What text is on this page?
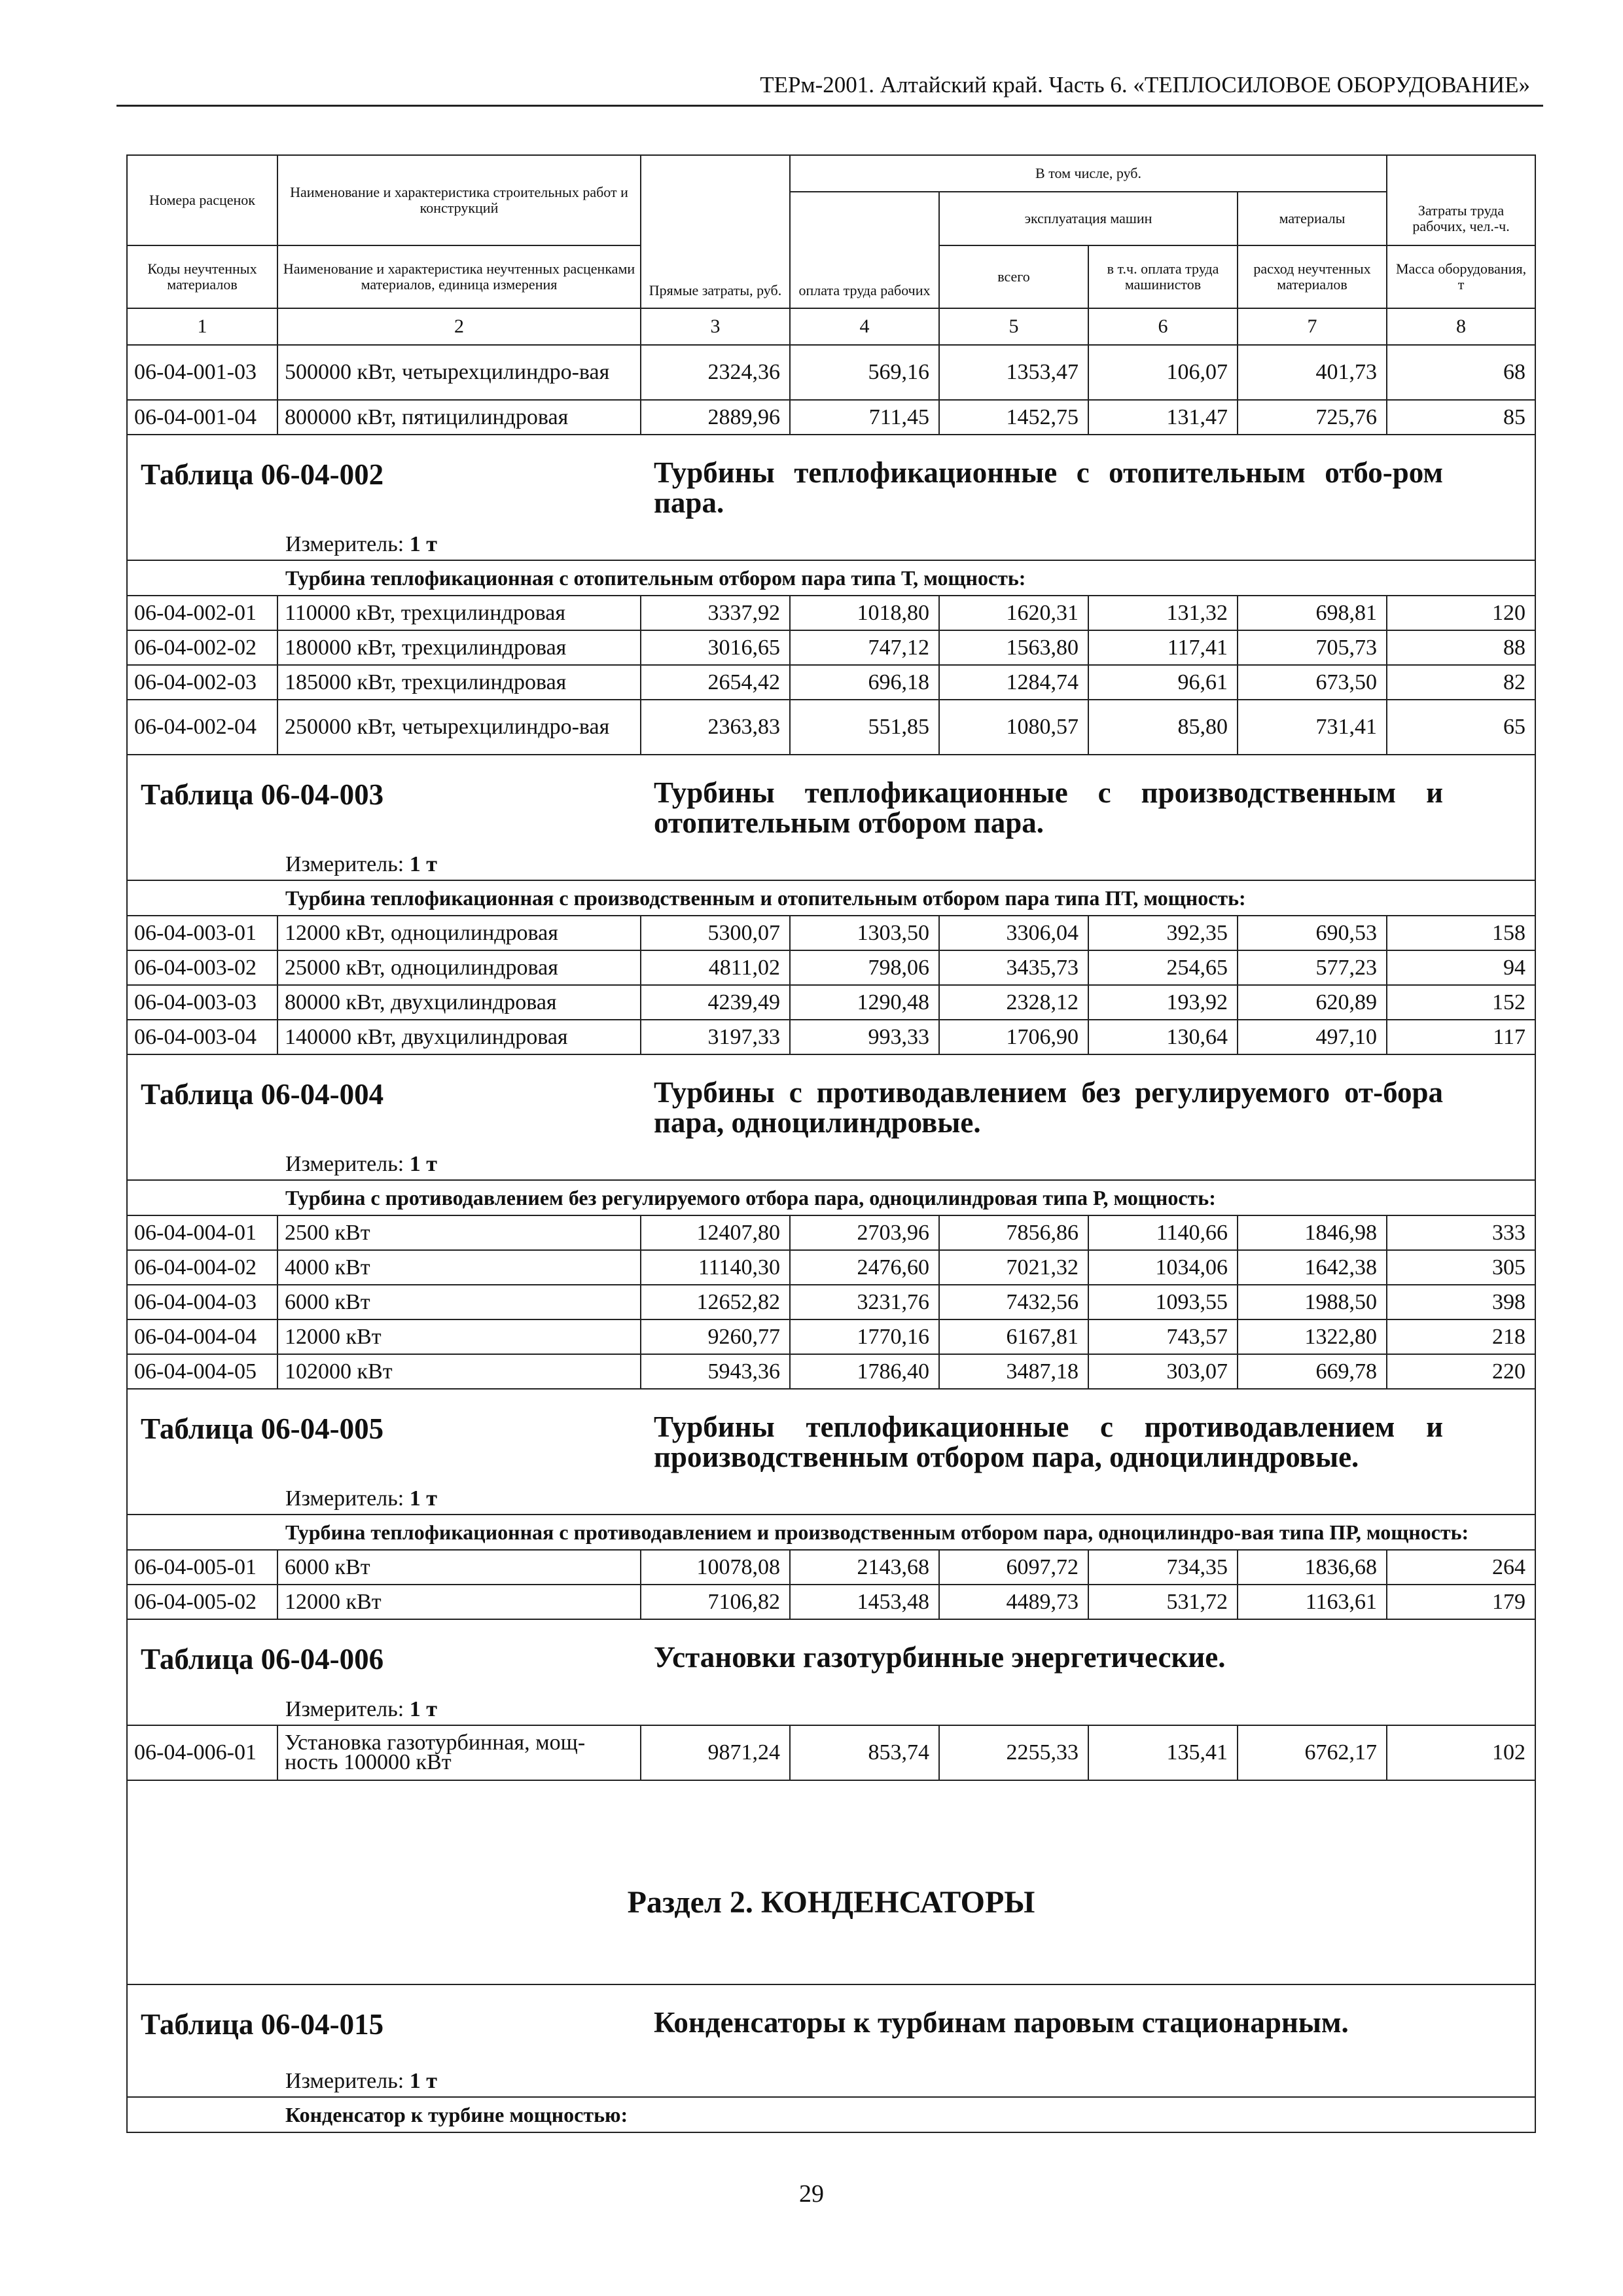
ТЕРм-2001. Алтайский край. Часть 6. «ТЕПЛОСИЛОВОЕ ОБОРУДОВАНИЕ»
Номера расценок	Наименование и характеристика строительных работ и конструкций	Прямые затраты, руб.	В том числе, руб.				
			оплата труда рабочих	эксплуатация машин		материалы	Затраты труда рабочих, чел.-ч.
Коды неучтенных материалов	Наименование и характеристика неучтенных расценками материалов, единица измерения			всего	в т.ч. оплата труда машинистов	расход неучтенных материалов	Масса оборудования, т
1	2	3	4	5	6	7	8
06-04-001-03	500000 кВт, четырехцилиндро-вая	2324,36	569,16	1353,47	106,07	401,73	68
06-04-001-04	800000 кВт, пятицилиндровая	2889,96	711,45	1452,75	131,47	725,76	85

Таблица 06-04-002		Турбины теплофикационные с отопительным отбо-ром пара.					

	Измеритель: 1 т						
	Турбина теплофикационная с отопительным отбором пара типа Т, мощность:						
06-04-002-01	110000 кВт, трехцилиндровая	3337,92	1018,80	1620,31	131,32	698,81	120
06-04-002-02	180000 кВт, трехцилиндровая	3016,65	747,12	1563,80	117,41	705,73	88
06-04-002-03	185000 кВт, трехцилиндровая	2654,42	696,18	1284,74	96,61	673,50	82
06-04-002-04	250000 кВт, четырехцилиндро-вая	2363,83	551,85	1080,57	85,80	731,41	65

Таблица 06-04-003		Турбины теплофикационные с производственным и отопительным отбором пара.					

	Измеритель: 1 т						
	Турбина теплофикационная с производственным и отопительным отбором пара типа ПТ, мощность:						
06-04-003-01	12000 кВт, одноцилиндровая	5300,07	1303,50	3306,04	392,35	690,53	158
06-04-003-02	25000 кВт, одноцилиндровая	4811,02	798,06	3435,73	254,65	577,23	94
06-04-003-03	80000 кВт, двухцилиндровая	4239,49	1290,48	2328,12	193,92	620,89	152
06-04-003-04	140000 кВт, двухцилиндровая	3197,33	993,33	1706,90	130,64	497,10	117

Таблица 06-04-004		Турбины с противодавлением без регулируемого от-бора пара, одноцилиндровые.					

	Измеритель: 1 т						
	Турбина с противодавлением без регулируемого отбора пара, одноцилиндровая типа Р, мощность:						
06-04-004-01	2500 кВт	12407,80	2703,96	7856,86	1140,66	1846,98	333
06-04-004-02	4000 кВт	11140,30	2476,60	7021,32	1034,06	1642,38	305
06-04-004-03	6000 кВт	12652,82	3231,76	7432,56	1093,55	1988,50	398
06-04-004-04	12000 кВт	9260,77	1770,16	6167,81	743,57	1322,80	218
06-04-004-05	102000 кВт	5943,36	1786,40	3487,18	303,07	669,78	220

Таблица 06-04-005		Турбины теплофикационные с противодавлением и производственным отбором пара, одноцилиндровые.					

	Измеритель: 1 т						
	Турбина теплофикационная с противодавлением и производственным отбором пара, одноцилиндро-вая типа ПР, мощность:						
06-04-005-01	6000 кВт	10078,08	2143,68	6097,72	734,35	1836,68	264
06-04-005-02	12000 кВт	7106,82	1453,48	4489,73	531,72	1163,61	179

Таблица 06-04-006		Установки газотурбинные энергетические.					

	Измеритель: 1 т						
06-04-006-01	Установка газотурбинная, мощ-ность 100000 кВт	9871,24	853,74	2255,33	135,41	6762,17	102
Раздел 2. КОНДЕНСАТОРЫ							

Таблица 06-04-015		Конденсаторы к турбинам паровым стационарным.					

	Измеритель: 1 т						
	Конденсатор к турбине мощностью:						
29
